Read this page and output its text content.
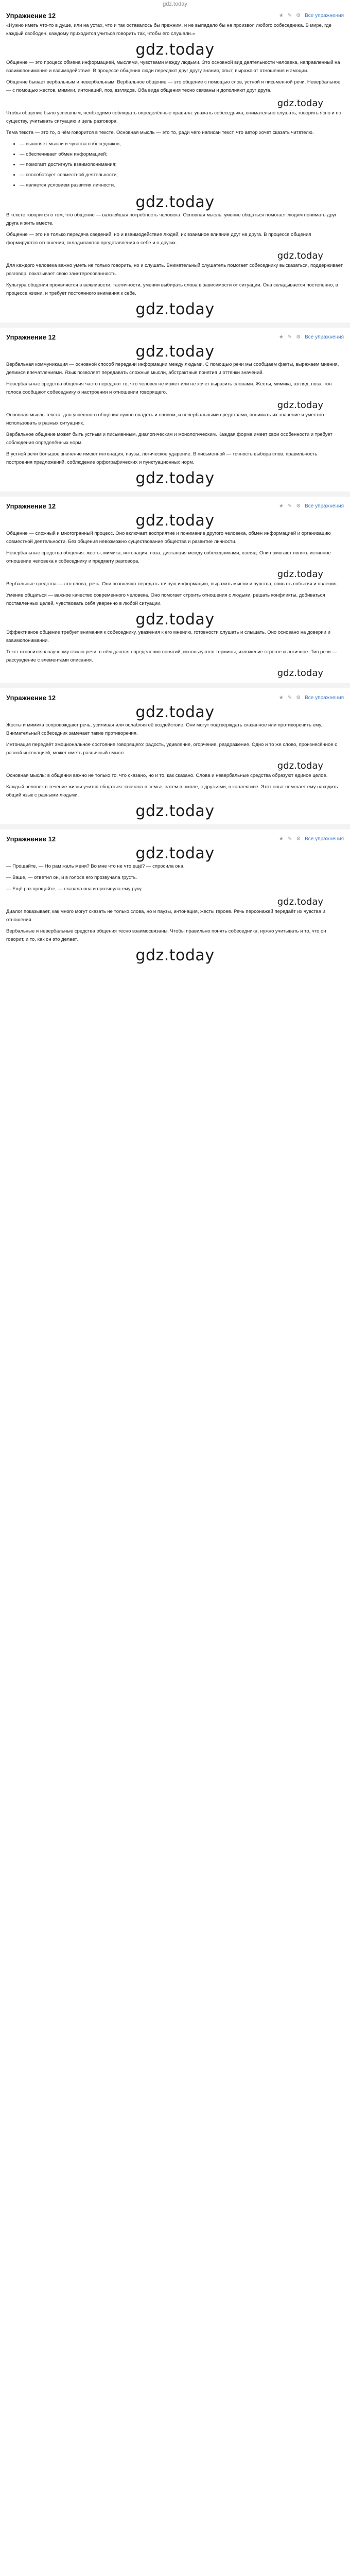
gdz.today
Упражнение 12	★ ✎ ⚙ Все упражнения

«Нужно иметь что-то в душе, или на устах, что и так оставалось бы прежним, и не выпадало бы на произвол любого собеседника. В мире, где каждый свободен, каждому приходится учиться говорить так, чтобы его слушали.»

gdz.today

Общение — это процесс обмена информацией, мыслями, чувствами между людьми. Это основной вид деятельности человека, направленный на взаимопонимание и взаимодействие. В процессе общения люди передают друг другу знания, опыт, выражают отношения и эмоции.

Общение бывает вербальным и невербальным. Вербальное общение — это общение с помощью слов, устной и письменной речи. Невербальное — с помощью жестов, мимики, интонаций, поз, взглядов. Оба вида общения тесно связаны и дополняют друг друга.

gdz.today

Чтобы общение было успешным, необходимо соблюдать определённые правила: уважать собеседника, внимательно слушать, говорить ясно и по существу, учитывать ситуацию и цель разговора.

Тема текста — это то, о чём говорится в тексте. Основная мысль — это то, ради чего написан текст, что автор хочет сказать читателю.

• — выявляет мысли и чувства собеседников;
• — обеспечивает обмен информацией;
• — помогает достигнуть взаимопонимания;
• — способствует совместной деятельности;
• — является условием развития личности.
gdz.today

В тексте говорится о том, что общение — важнейшая потребность человека. Основная мысль: умение общаться помогает людям понимать друг друга и жить вместе.

Общение — это не только передача сведений, но и взаимодействие людей, их взаимное влияние друг на друга. В процессе общения формируются отношения, складываются представления о себе и о других.

gdz.today

Для каждого человека важно уметь не только говорить, но и слушать. Внимательный слушатель помогает собеседнику высказаться, поддерживает разговор, показывает свою заинтересованность.

Культура общения проявляется в вежливости, тактичности, умении выбирать слова в зависимости от ситуации. Она складывается постепенно, в процессе жизни, и требует постоянного внимания к себе.

gdz.today
Упражнение 12	★ ✎ ⚙ Все упражнения
gdz.today

Вербальная коммуникация — основной способ передачи информации между людьми. С помощью речи мы сообщаем факты, выражаем мнения, делимся впечатлениями. Язык позволяет передавать сложные мысли, абстрактные понятия и оттенки значений.

Невербальные средства общения часто передают то, что человек не может или не хочет выразить словами. Жесты, мимика, взгляд, поза, тон голоса сообщают собеседнику о настроении и отношении говорящего.

gdz.today

Основная мысль текста: для успешного общения нужно владеть и словом, и невербальными средствами, понимать их значение и уместно использовать в разных ситуациях.

Вербальное общение может быть устным и письменным, диалогическим и монологическим. Каждая форма имеет свои особенности и требует соблюдения определённых норм.

В устной речи большое значение имеют интонация, паузы, логическое ударение. В письменной — точность выбора слов, правильность построения предложений, соблюдение орфографических и пунктуационных норм.

gdz.today
Упражнение 12	★ ✎ ⚙ Все упражнения
gdz.today

Общение — сложный и многогранный процесс. Оно включает восприятие и понимание другого человека, обмен информацией и организацию совместной деятельности. Без общения невозможно существование общества и развитие личности.

Невербальные средства общения: жесты, мимика, интонация, поза, дистанция между собеседниками, взгляд. Они помогают понять истинное отношение человека к собеседнику и предмету разговора.

gdz.today

Вербальные средства — это слова, речь. Они позволяют передать точную информацию, выразить мысли и чувства, описать события и явления.

Умение общаться — важное качество современного человека. Оно помогает строить отношения с людьми, решать конфликты, добиваться поставленных целей, чувствовать себя уверенно в любой ситуации.

gdz.today

Эффективное общение требует внимания к собеседнику, уважения к его мнению, готовности слушать и слышать. Оно основано на доверии и взаимопонимании.

Текст относится к научному стилю речи: в нём даются определения понятий, используются термины, изложение строгое и логичное. Тип речи — рассуждение с элементами описания.

gdz.today
Упражнение 12	★ ✎ ⚙ Все упражнения
gdz.today

Жесты и мимика сопровождают речь, усиливая или ослабляя её воздействие. Они могут подтверждать сказанное или противоречить ему. Внимательный собеседник замечает такие противоречия.

Интонация передаёт эмоциональное состояние говорящего: радость, удивление, огорчение, раздражение. Одно и то же слово, произнесённое с разной интонацией, может иметь различный смысл.

gdz.today

Основная мысль: в общении важно не только то, что сказано, но и то, как сказано. Слова и невербальные средства образуют единое целое.

Каждый человек в течение жизни учится общаться: сначала в семье, затем в школе, с друзьями, в коллективе. Этот опыт помогает ему находить общий язык с разными людьми.

gdz.today
Упражнение 12	★ ✎ ⚙ Все упражнения
gdz.today

— Прощайте, — Но рам жаль меня? Во мне что не что ещё? — спросила она.

— Ваше, — ответил он, и в голосе его прозвучала грусть.

— Ещё раз прощайте, — сказала она и протянула ему руку.

gdz.today

Диалог показывает, как много могут сказать не только слова, но и паузы, интонация, жесты героев. Речь персонажей передаёт их чувства и отношения.

Вербальные и невербальные средства общения тесно взаимосвязаны. Чтобы правильно понять собеседника, нужно учитывать и то, что он говорит, и то, как он это делает.

gdz.today
